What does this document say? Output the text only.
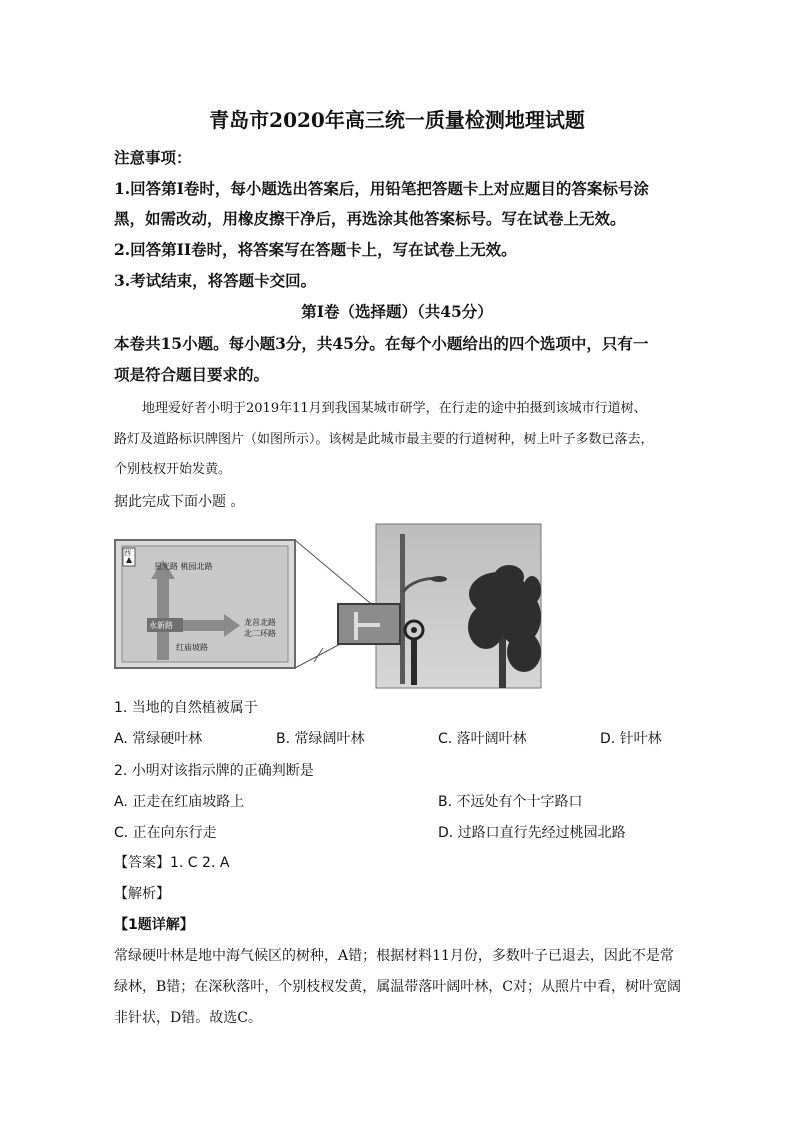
青岛市2020年高三统一质量检测地理试题
注意事项：
1.回答第Ⅰ卷时，每小题选出答案后，用铅笔把答题卡上对应题目的答案标号涂
黑，如需改动，用橡皮擦干净后，再选涂其他答案标号。写在试卷上无效。
2.回答第II卷时，将答案写在答题卡上，写在试卷上无效。
3.考试结束，将答题卡交回。
第Ⅰ卷（选择题）（共45分）
本卷共15小题。每小题3分，共45分。在每个小题给出的四个选项中，只有一
项是符合题目要求的。
地理爱好者小明于2019年11月到我国某城市研学，在行走的途中拍摄到该城市行道树、
路灯及道路标识牌图片（如图所示）。该树是此城市最主要的行道树种，树上叶子多数已落去，
个别枝杈开始发黄。
据此完成下面小题 。
西
星光路 桃园北路
永新路	龙首北路
北二环路
红庙坡路
1. 当地的自然植被属于
A. 常绿硬叶林	B. 常绿阔叶林	C. 落叶阔叶林	D. 针叶林
2. 小明对该指示牌的正确判断是
A. 正走在红庙坡路上	B. 不远处有个十字路口
C. 正在向东行走	D. 过路口直行先经过桃园北路
【答案】1. C 2. A
【解析】
【1题详解】
常绿硬叶林是地中海气候区的树种，A错；根据材料11月份，多数叶子已退去，因此不是常
绿林，B错；在深秋落叶，个别枝杈发黄，属温带落叶阔叶林，C对；从照片中看，树叶宽阔
非针状，D错。故选C。
